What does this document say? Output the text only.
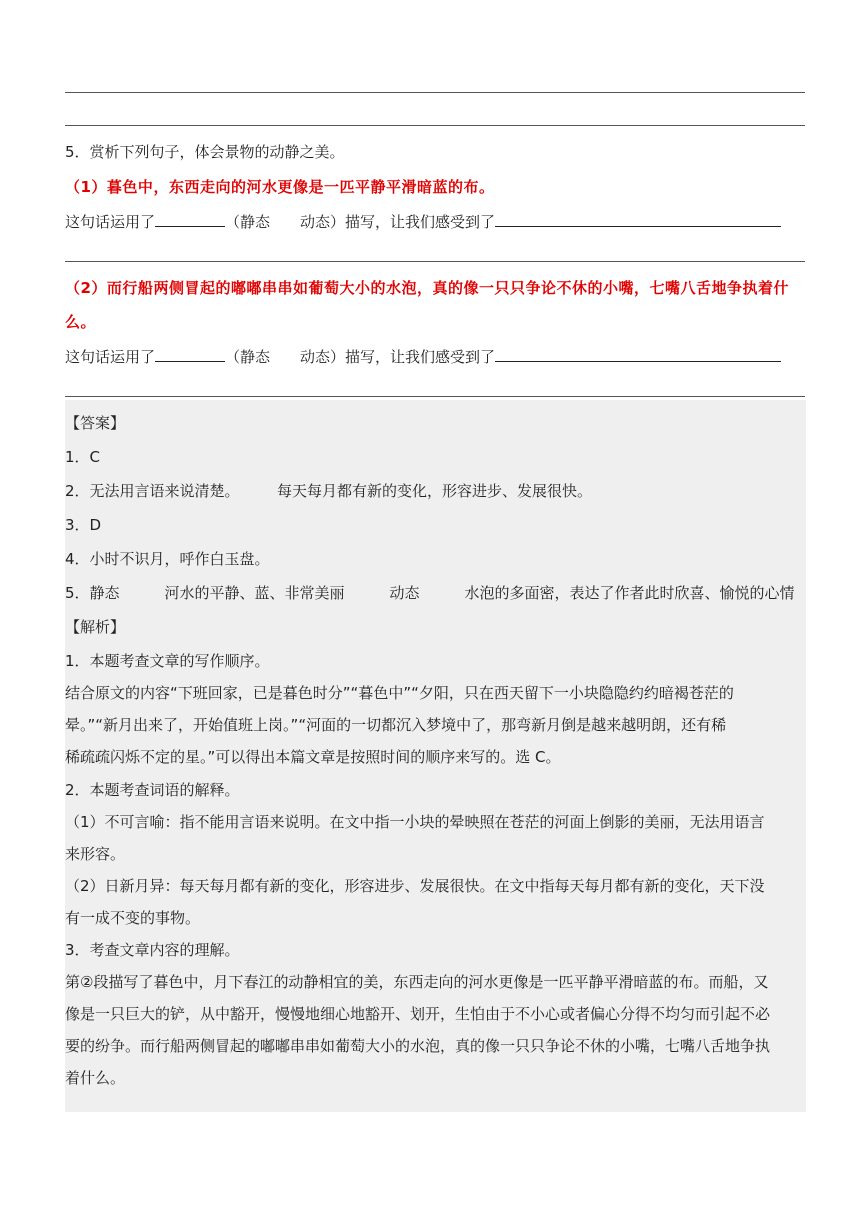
5．赏析下列句子，体会景物的动静之美。
（1）暮色中，东西走向的河水更像是一匹平静平滑暗蓝的布。
这句话运用了	（静态　　动态）描写，让我们感受到了
（2）而行船两侧冒起的嘟嘟串串如葡萄大小的水泡，真的像一只只争论不休的小嘴，七嘴八舌地争执着什
么。
这句话运用了	（静态　　动态）描写，让我们感受到了
【答案】
1．C
2．无法用言语来说清楚。　　　每天每月都有新的变化，形容进步、发展很快。
3．D
4．小时不识月，呼作白玉盘。
5．静态　　　河水的平静、蓝、非常美丽　　　动态　　　水泡的多面密，表达了作者此时欣喜、愉悦的心情
【解析】
1．本题考查文章的写作顺序。
结合原文的内容“下班回家，已是暮色时分”“暮色中”“夕阳，只在西天留下一小块隐隐约约暗褐苍茫的
晕。”“新月出来了，开始值班上岗。”“河面的一切都沉入梦境中了，那弯新月倒是越来越明朗，还有稀
稀疏疏闪烁不定的星。”可以得出本篇文章是按照时间的顺序来写的。选 C。
2．本题考查词语的解释。
（1）不可言喻：指不能用言语来说明。在文中指一小块的晕映照在苍茫的河面上倒影的美丽，无法用语言
来形容。
（2）日新月异：每天每月都有新的变化，形容进步、发展很快。在文中指每天每月都有新的变化，天下没
有一成不变的事物。
3．考查文章内容的理解。
第②段描写了暮色中，月下春江的动静相宜的美，东西走向的河水更像是一匹平静平滑暗蓝的布。而船，又
像是一只巨大的铲，从中豁开，慢慢地细心地豁开、划开，生怕由于不小心或者偏心分得不均匀而引起不必
要的纷争。而行船两侧冒起的嘟嘟串串如葡萄大小的水泡，真的像一只只争论不休的小嘴，七嘴八舌地争执
着什么。
